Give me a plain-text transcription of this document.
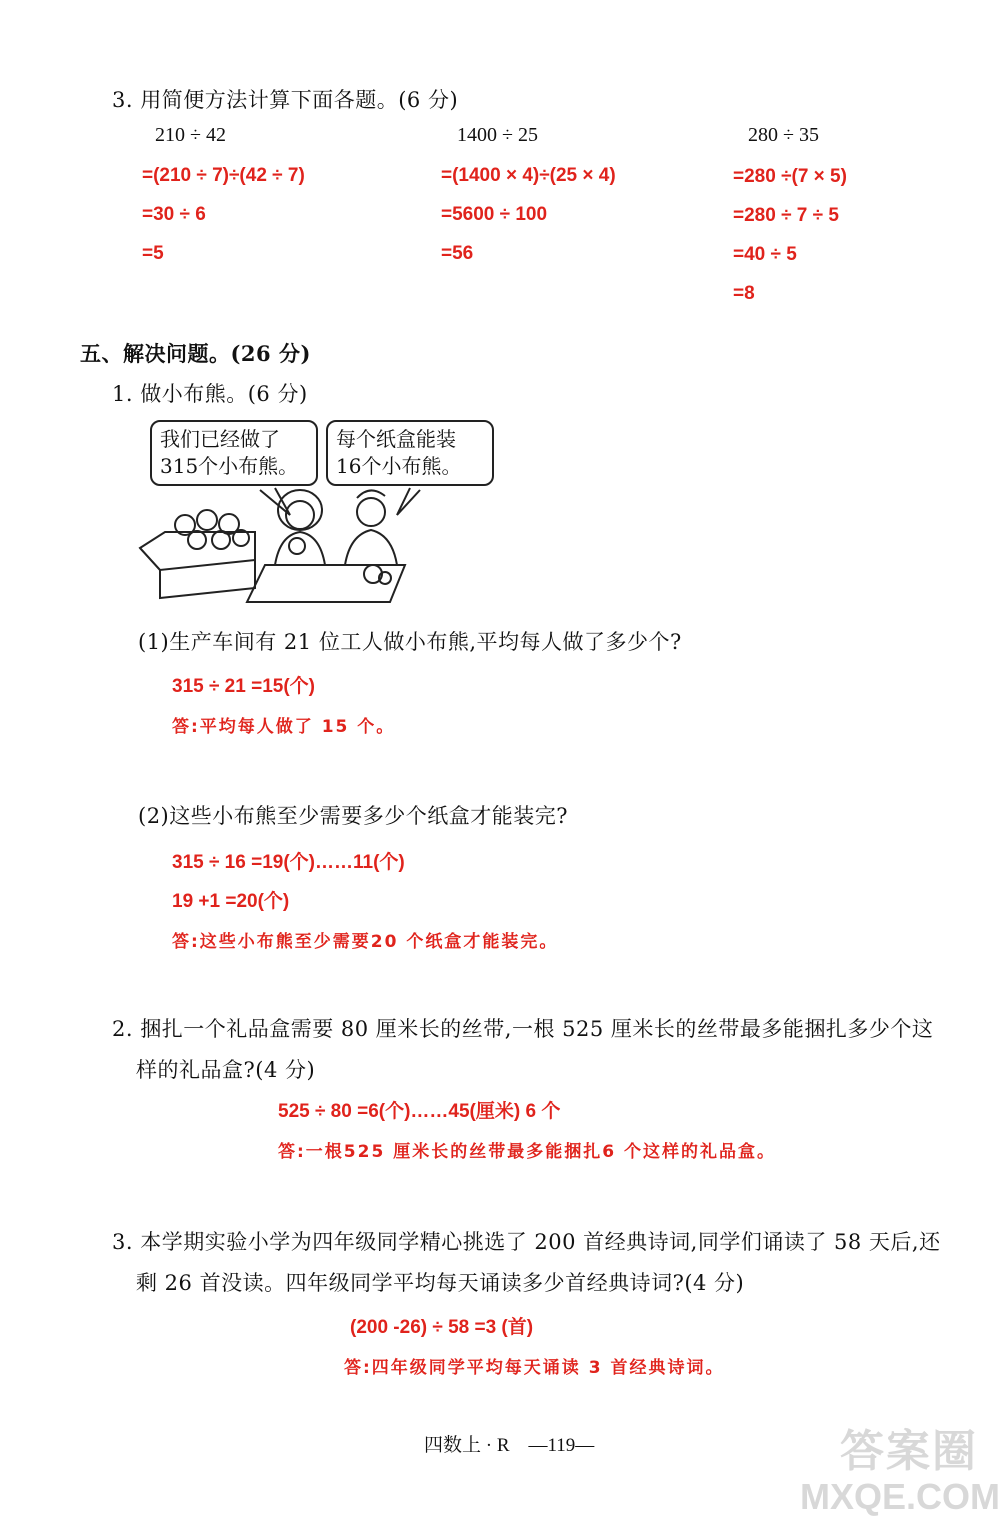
3. 用简便方法计算下面各题。(6 分)
210 ÷ 42
=(210 ÷ 7)÷(42 ÷ 7)
=30 ÷ 6
=5
1400 ÷ 25
=(1400 × 4)÷(25 × 4)
=5600 ÷ 100
=56
280 ÷ 35
=280 ÷(7 × 5)
=280 ÷ 7 ÷ 5
=40 ÷ 5
=8
五、解决问题。(26 分)
1. 做小布熊。(6 分)
我们已经做了
315个小布熊。
每个纸盒能装
16个小布熊。
(1)生产车间有 21 位工人做小布熊,平均每人做了多少个?
315 ÷ 21 =15(个)
答:平均每人做了 15 个。
(2)这些小布熊至少需要多少个纸盒才能装完?
315 ÷ 16 =19(个)……11(个)
19 +1 =20(个)
答:这些小布熊至少需要20 个纸盒才能装完。
2. 捆扎一个礼品盒需要 80 厘米长的丝带,一根 525 厘米长的丝带最多能捆扎多少个这
样的礼品盒?(4 分)
525 ÷ 80 =6(个)……45(厘米) 6 个
答:一根525 厘米长的丝带最多能捆扎6 个这样的礼品盒。
3. 本学期实验小学为四年级同学精心挑选了 200 首经典诗词,同学们诵读了 58 天后,还
剩 26 首没读。四年级同学平均每天诵读多少首经典诗词?(4 分)
(200 -26) ÷ 58 =3 (首)
答:四年级同学平均每天诵读 3 首经典诗词。
四数上 · R    —119—	答案圈
MXQE.COM
